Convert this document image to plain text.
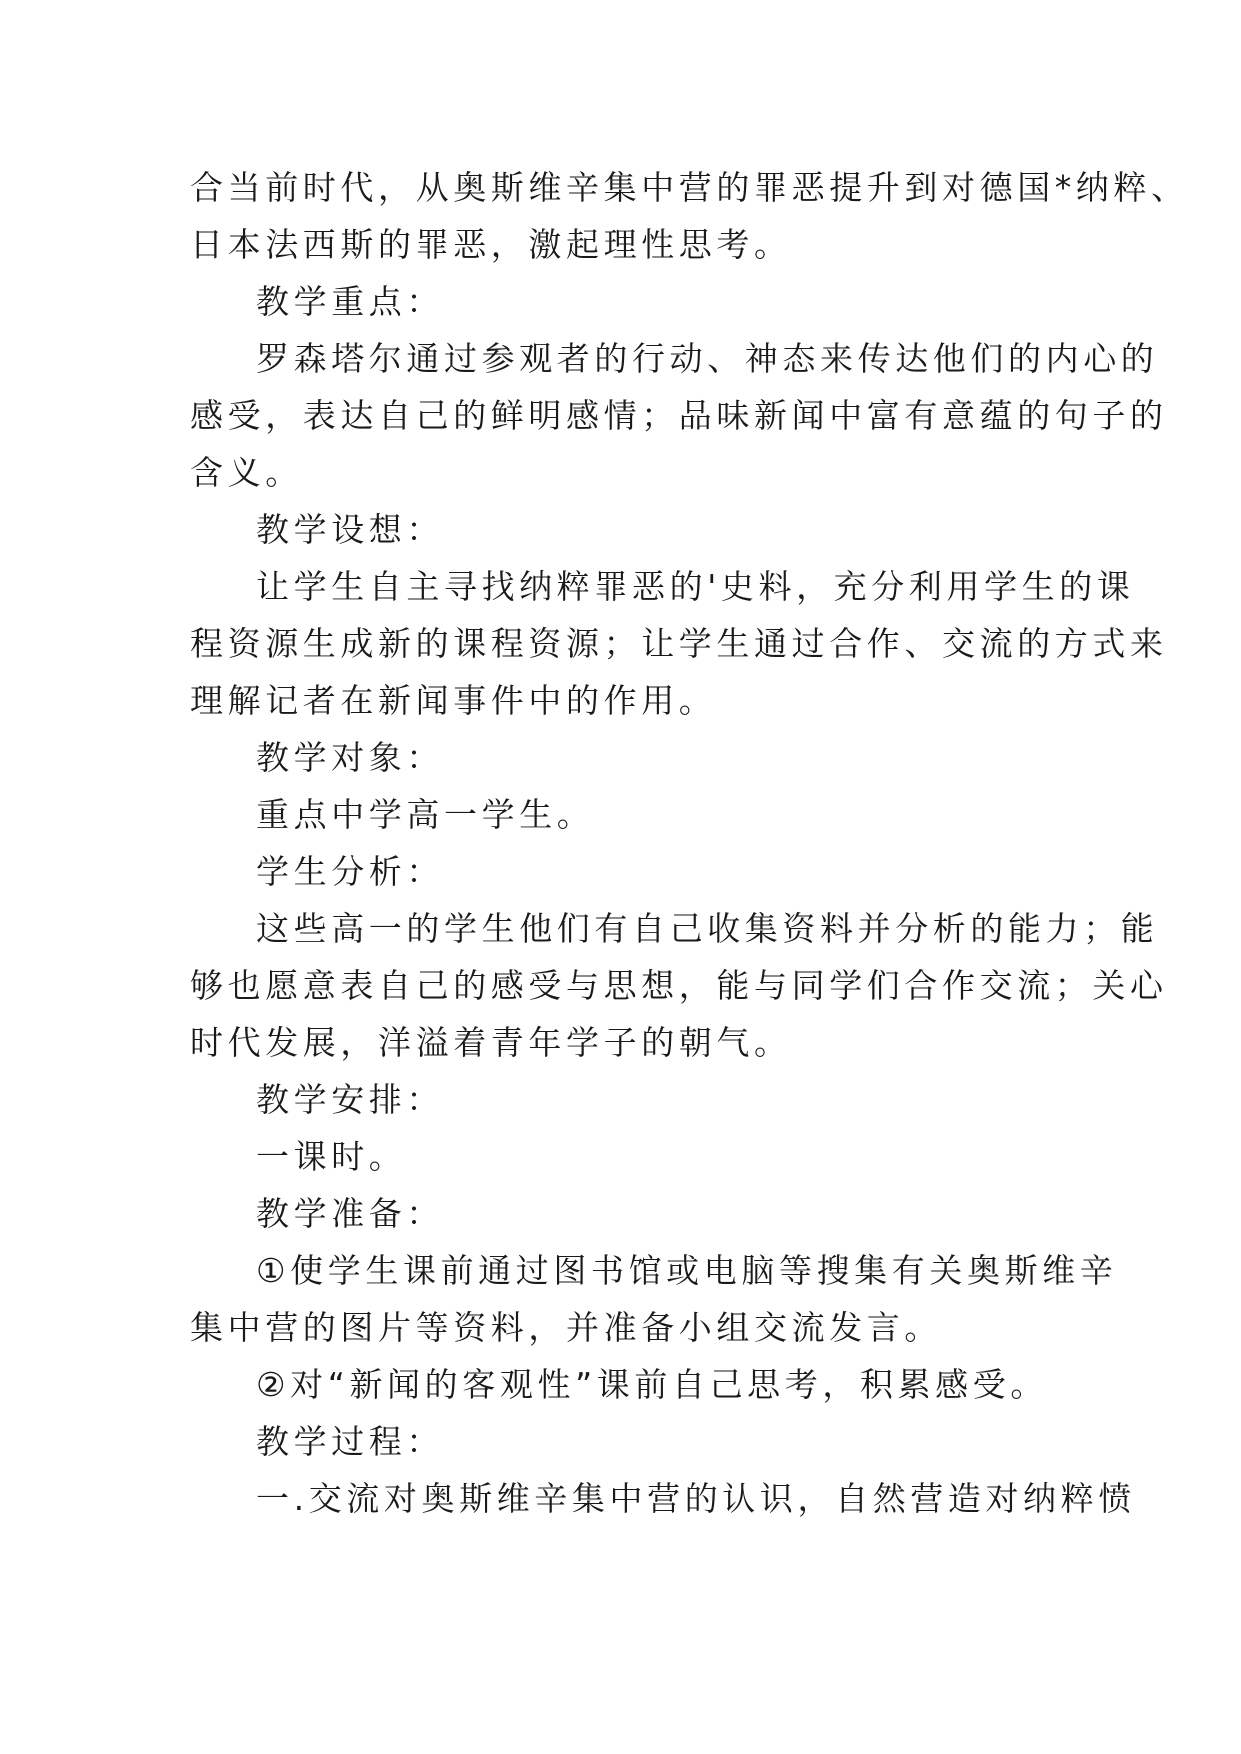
合当前时代，从奥斯维辛集中营的罪恶提升到对德国*纳粹、
日本法西斯的罪恶，激起理性思考。
教学重点：
罗森塔尔通过参观者的行动、神态来传达他们的内心的
感受，表达自己的鲜明感情；品味新闻中富有意蕴的句子的
含义。
教学设想：
让学生自主寻找纳粹罪恶的'史料，充分利用学生的课
程资源生成新的课程资源；让学生通过合作、交流的方式来
理解记者在新闻事件中的作用。
教学对象：
重点中学高一学生。
学生分析：
这些高一的学生他们有自己收集资料并分析的能力；能
够也愿意表自己的感受与思想，能与同学们合作交流；关心
时代发展，洋溢着青年学子的朝气。
教学安排：
一课时。
教学准备：
①使学生课前通过图书馆或电脑等搜集有关奥斯维辛
集中营的图片等资料，并准备小组交流发言。
②对“新闻的客观性”课前自己思考，积累感受。
教学过程：
一.交流对奥斯维辛集中营的认识，自然营造对纳粹愤
